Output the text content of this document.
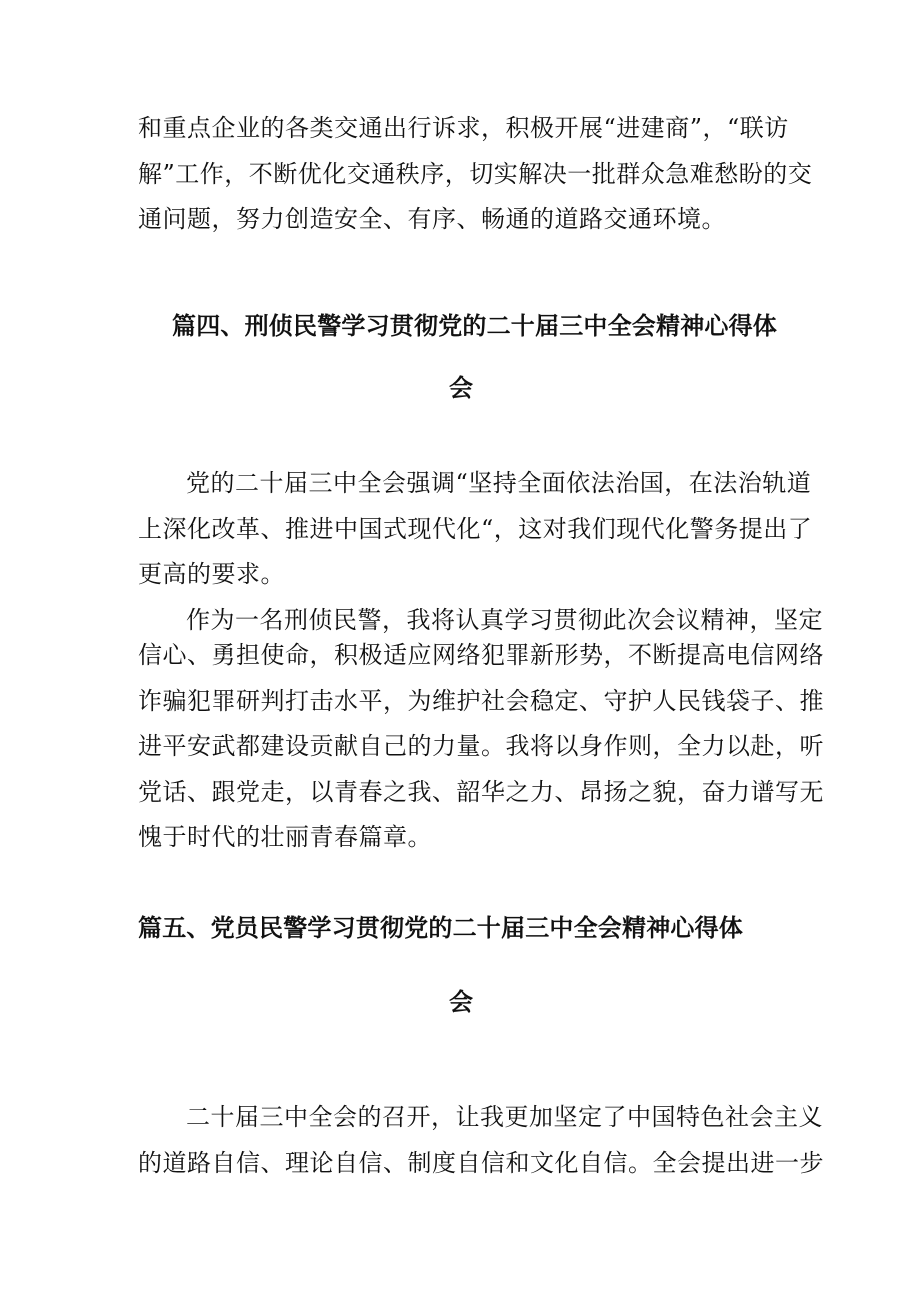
和重点企业的各类交通出行诉求，积极开展“进建商”，“联访
解”工作，不断优化交通秩序，切实解决一批群众急难愁盼的交
通问题，努力创造安全、有序、畅通的道路交通环境。
篇四、刑侦民警学习贯彻党的二十届三中全会精神心得体
会
党的二十届三中全会强调“坚持全面依法治国，在法治轨道
上深化改革、推进中国式现代化“，这对我们现代化警务提出了
更高的要求。
作为一名刑侦民警，我将认真学习贯彻此次会议精神，坚定
信心、勇担使命，积极适应网络犯罪新形势，不断提高电信网络
诈骗犯罪研判打击水平，为维护社会稳定、守护人民钱袋子、推
进平安武都建设贡献自己的力量。我将以身作则，全力以赴，听
党话、跟党走，以青春之我、韶华之力、昂扬之貌，奋力谱写无
愧于时代的壮丽青春篇章。
篇五、党员民警学习贯彻党的二十届三中全会精神心得体
会
二十届三中全会的召开，让我更加坚定了中国特色社会主义
的道路自信、理论自信、制度自信和文化自信。全会提出进一步
